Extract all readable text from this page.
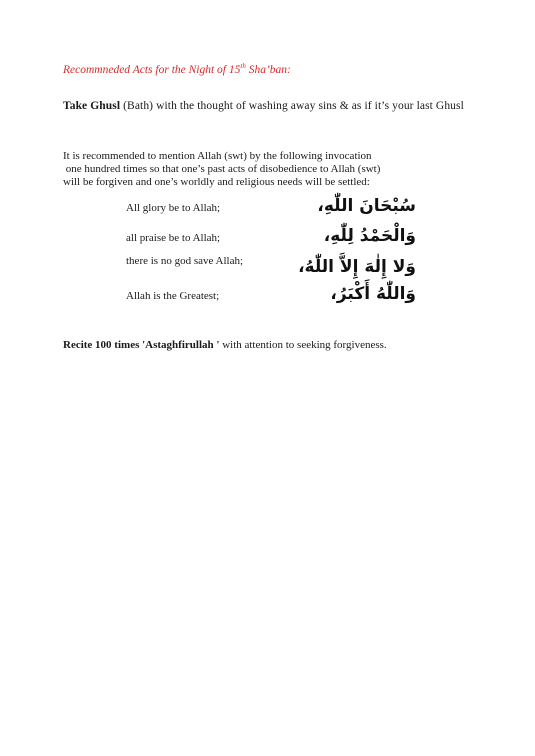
Recommneded Acts for the Night of 15th Sha’ban:
Take Ghusl (Bath) with the thought of washing away sins & as if it’s your last Ghusl
It is recommended to mention Allah (swt) by the following invocation
one hundred times so that one’s past acts of disobedience to Allah (swt)
will be forgiven and one’s worldly and religious needs will be settled:
All glory be to Allah;	سُبْحَانَ اللّٰهِ،
all praise be to Allah;	وَالْحَمْدُ لِلّٰهِ،
there is no god save Allah;	وَلا إِلٰهَ إِلاَّ اللّٰهُ،
Allah is the Greatest;	وَاللّٰهُ أَكْبَرُ،
Recite 100 times 'Astaghfirullah ' with attention to seeking forgiveness.
